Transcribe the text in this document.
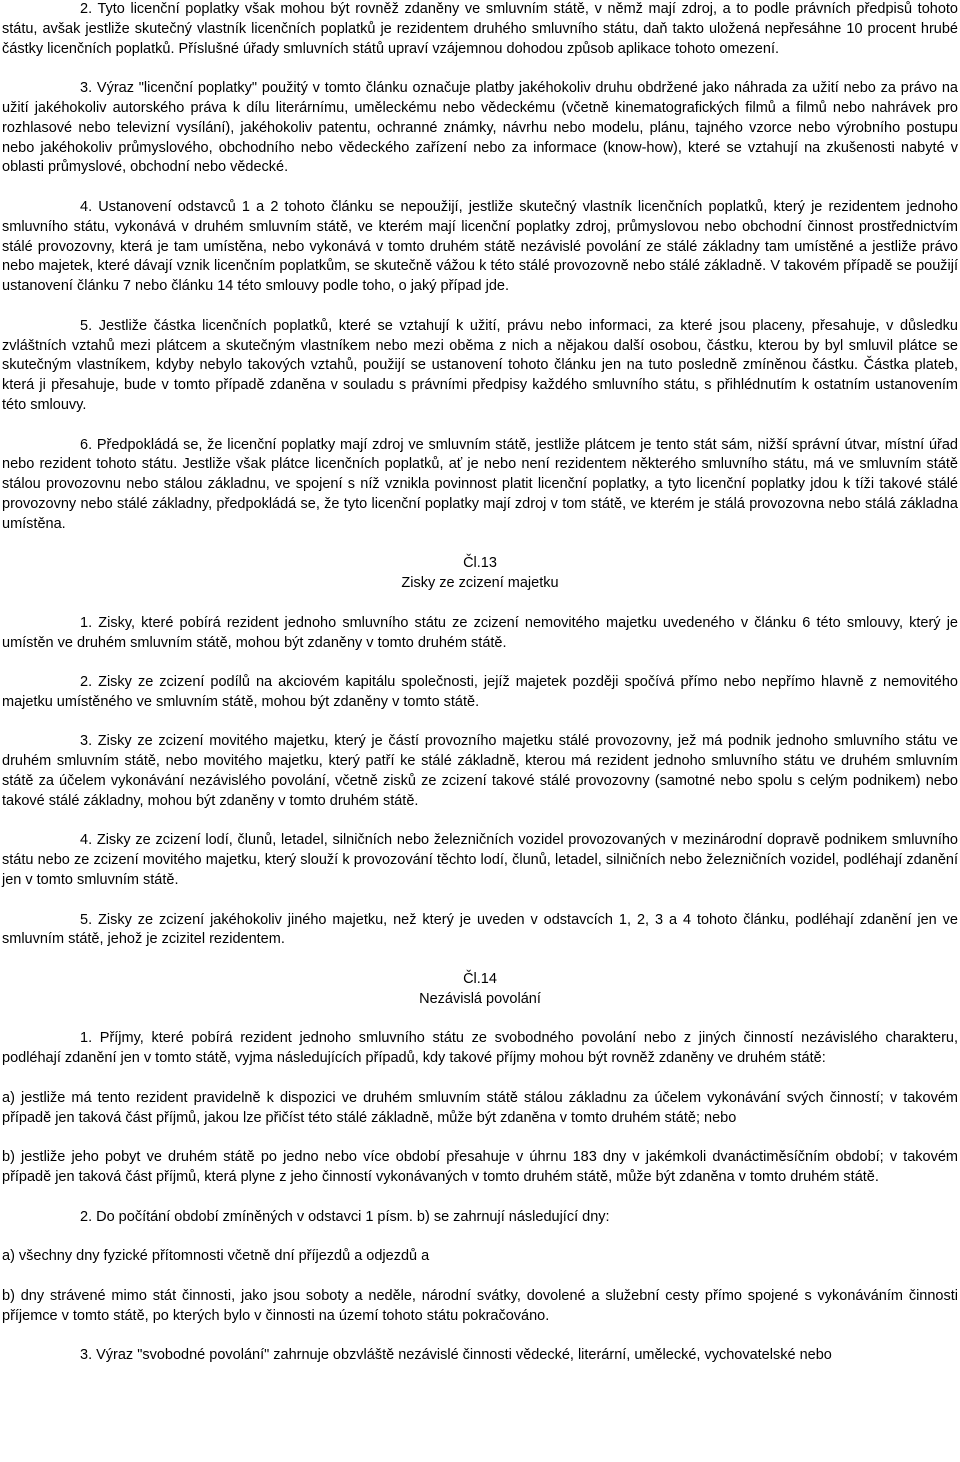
2. Tyto licenční poplatky však mohou být rovněž zdaněny ve smluvním státě, v němž mají zdroj, a to podle právních předpisů tohoto státu, avšak jestliže skutečný vlastník licenčních poplatků je rezidentem druhého smluvního státu, daň takto uložená nepřesáhne 10 procent hrubé částky licenčních poplatků. Příslušné úřady smluvních států upraví vzájemnou dohodou způsob aplikace tohoto omezení.

3. Výraz "licenční poplatky" použitý v tomto článku označuje platby jakéhokoliv druhu obdržené jako náhrada za užití nebo za právo na užití jakéhokoliv autorského práva k dílu literárnímu, uměleckému nebo vědeckému (včetně kinematografických filmů a filmů nebo nahrávek pro rozhlasové nebo televizní vysílání), jakéhokoliv patentu, ochranné známky, návrhu nebo modelu, plánu, tajného vzorce nebo výrobního postupu nebo jakéhokoliv průmyslového, obchodního nebo vědeckého zařízení nebo za informace (know-how), které se vztahují na zkušenosti nabyté v oblasti průmyslové, obchodní nebo vědecké.

4. Ustanovení odstavců 1 a 2 tohoto článku se nepoužijí, jestliže skutečný vlastník licenčních poplatků, který je rezidentem jednoho smluvního státu, vykonává v druhém smluvním státě, ve kterém mají licenční poplatky zdroj, průmyslovou nebo obchodní činnost prostřednictvím stálé provozovny, která je tam umístěna, nebo vykonává v tomto druhém státě nezávislé povolání ze stálé základny tam umístěné a jestliže právo nebo majetek, které dávají vznik licenčním poplatkům, se skutečně vážou k této stálé provozovně nebo stálé základně. V takovém případě se použijí ustanovení článku 7 nebo článku 14 této smlouvy podle toho, o jaký případ jde.

5. Jestliže částka licenčních poplatků, které se vztahují k užití, právu nebo informaci, za které jsou placeny, přesahuje, v důsledku zvláštních vztahů mezi plátcem a skutečným vlastníkem nebo mezi oběma z nich a nějakou další osobou, částku, kterou by byl smluvil plátce se skutečným vlastníkem, kdyby nebylo takových vztahů, použijí se ustanovení tohoto článku jen na tuto posledně zmíněnou částku. Částka plateb, která ji přesahuje, bude v tomto případě zdaněna v souladu s právními předpisy každého smluvního státu, s přihlédnutím k ostatním ustanovením této smlouvy.

6. Předpokládá se, že licenční poplatky mají zdroj ve smluvním státě, jestliže plátcem je tento stát sám, nižší správní útvar, místní úřad nebo rezident tohoto státu. Jestliže však plátce licenčních poplatků, ať je nebo není rezidentem některého smluvního státu, má ve smluvním státě stálou provozovnu nebo stálou základnu, ve spojení s níž vznikla povinnost platit licenční poplatky, a tyto licenční poplatky jdou k tíži takové stálé provozovny nebo stálé základny, předpokládá se, že tyto licenční poplatky mají zdroj v tom státě, ve kterém je stálá provozovna nebo stálá základna umístěna.

Čl.13

Zisky ze zcizení majetku

1. Zisky, které pobírá rezident jednoho smluvního státu ze zcizení nemovitého majetku uvedeného v článku 6 této smlouvy, který je umístěn ve druhém smluvním státě, mohou být zdaněny v tomto druhém státě.

2. Zisky ze zcizení podílů na akciovém kapitálu společnosti, jejíž majetek později spočívá přímo nebo nepřímo hlavně z nemovitého majetku umístěného ve smluvním státě, mohou být zdaněny v tomto státě.

3. Zisky ze zcizení movitého majetku, který je částí provozního majetku stálé provozovny, jež má podnik jednoho smluvního státu ve druhém smluvním státě, nebo movitého majetku, který patří ke stálé základně, kterou má rezident jednoho smluvního státu ve druhém smluvním státě za účelem vykonávání nezávislého povolání, včetně zisků ze zcizení takové stálé provozovny (samotné nebo spolu s celým podnikem) nebo takové stálé základny, mohou být zdaněny v tomto druhém státě.

4. Zisky ze zcizení lodí, člunů, letadel, silničních nebo železničních vozidel provozovaných v mezinárodní dopravě podnikem smluvního státu nebo ze zcizení movitého majetku, který slouží k provozování těchto lodí, člunů, letadel, silničních nebo železničních vozidel, podléhají zdanění jen v tomto smluvním státě.

5. Zisky ze zcizení jakéhokoliv jiného majetku, než který je uveden v odstavcích 1, 2, 3 a 4 tohoto článku, podléhají zdanění jen ve smluvním státě, jehož je zcizitel rezidentem.

Čl.14

Nezávislá povolání

1. Příjmy, které pobírá rezident jednoho smluvního státu ze svobodného povolání nebo z jiných činností nezávislého charakteru, podléhají zdanění jen v tomto státě, vyjma následujících případů, kdy takové příjmy mohou být rovněž zdaněny ve druhém státě:

a) jestliže má tento rezident pravidelně k dispozici ve druhém smluvním státě stálou základnu za účelem vykonávání svých činností; v takovém případě jen taková část příjmů, jakou lze přičíst této stálé základně, může být zdaněna v tomto druhém státě; nebo

b) jestliže jeho pobyt ve druhém státě po jedno nebo více období přesahuje v úhrnu 183 dny v jakémkoli dvanáctiměsíčním období; v takovém případě jen taková část příjmů, která plyne z jeho činností vykonávaných v tomto druhém státě, může být zdaněna v tomto druhém státě.

2. Do počítání období zmíněných v odstavci 1 písm. b) se zahrnují následující dny:

a) všechny dny fyzické přítomnosti včetně dní příjezdů a odjezdů a

b) dny strávené mimo stát činnosti, jako jsou soboty a neděle, národní svátky, dovolené a služební cesty přímo spojené s vykonáváním činnosti příjemce v tomto státě, po kterých bylo v činnosti na území tohoto státu pokračováno.

3. Výraz "svobodné povolání" zahrnuje obzvláště nezávislé činnosti vědecké, literární, umělecké, vychovatelské nebo
